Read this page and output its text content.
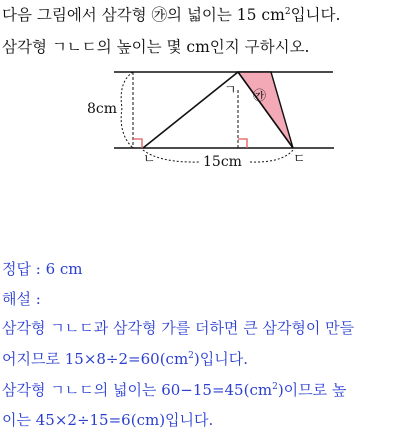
다음 그림에서 삼각형 ㉮의 넓이는 15 $cm^2$입니다.
삼각형 ㄱㄴㄷ의 높이는 몇 cm인지 구하시오.
8cm
15cm
ㄱ
ㄴ	ㄷ
㉮
정답 : 6 cm
해설 :
삼각형 ㄱㄴㄷ과 삼각형 가를 더하면 큰 삼각형이 만들
어지므로 $15\times 8\div 2=60(cm^2)$입니다.
삼각형 ㄱㄴㄷ의 넓이는 $60-15=45(cm^2)$이므로 높
이는 45×2÷15=6(cm)입니다.
